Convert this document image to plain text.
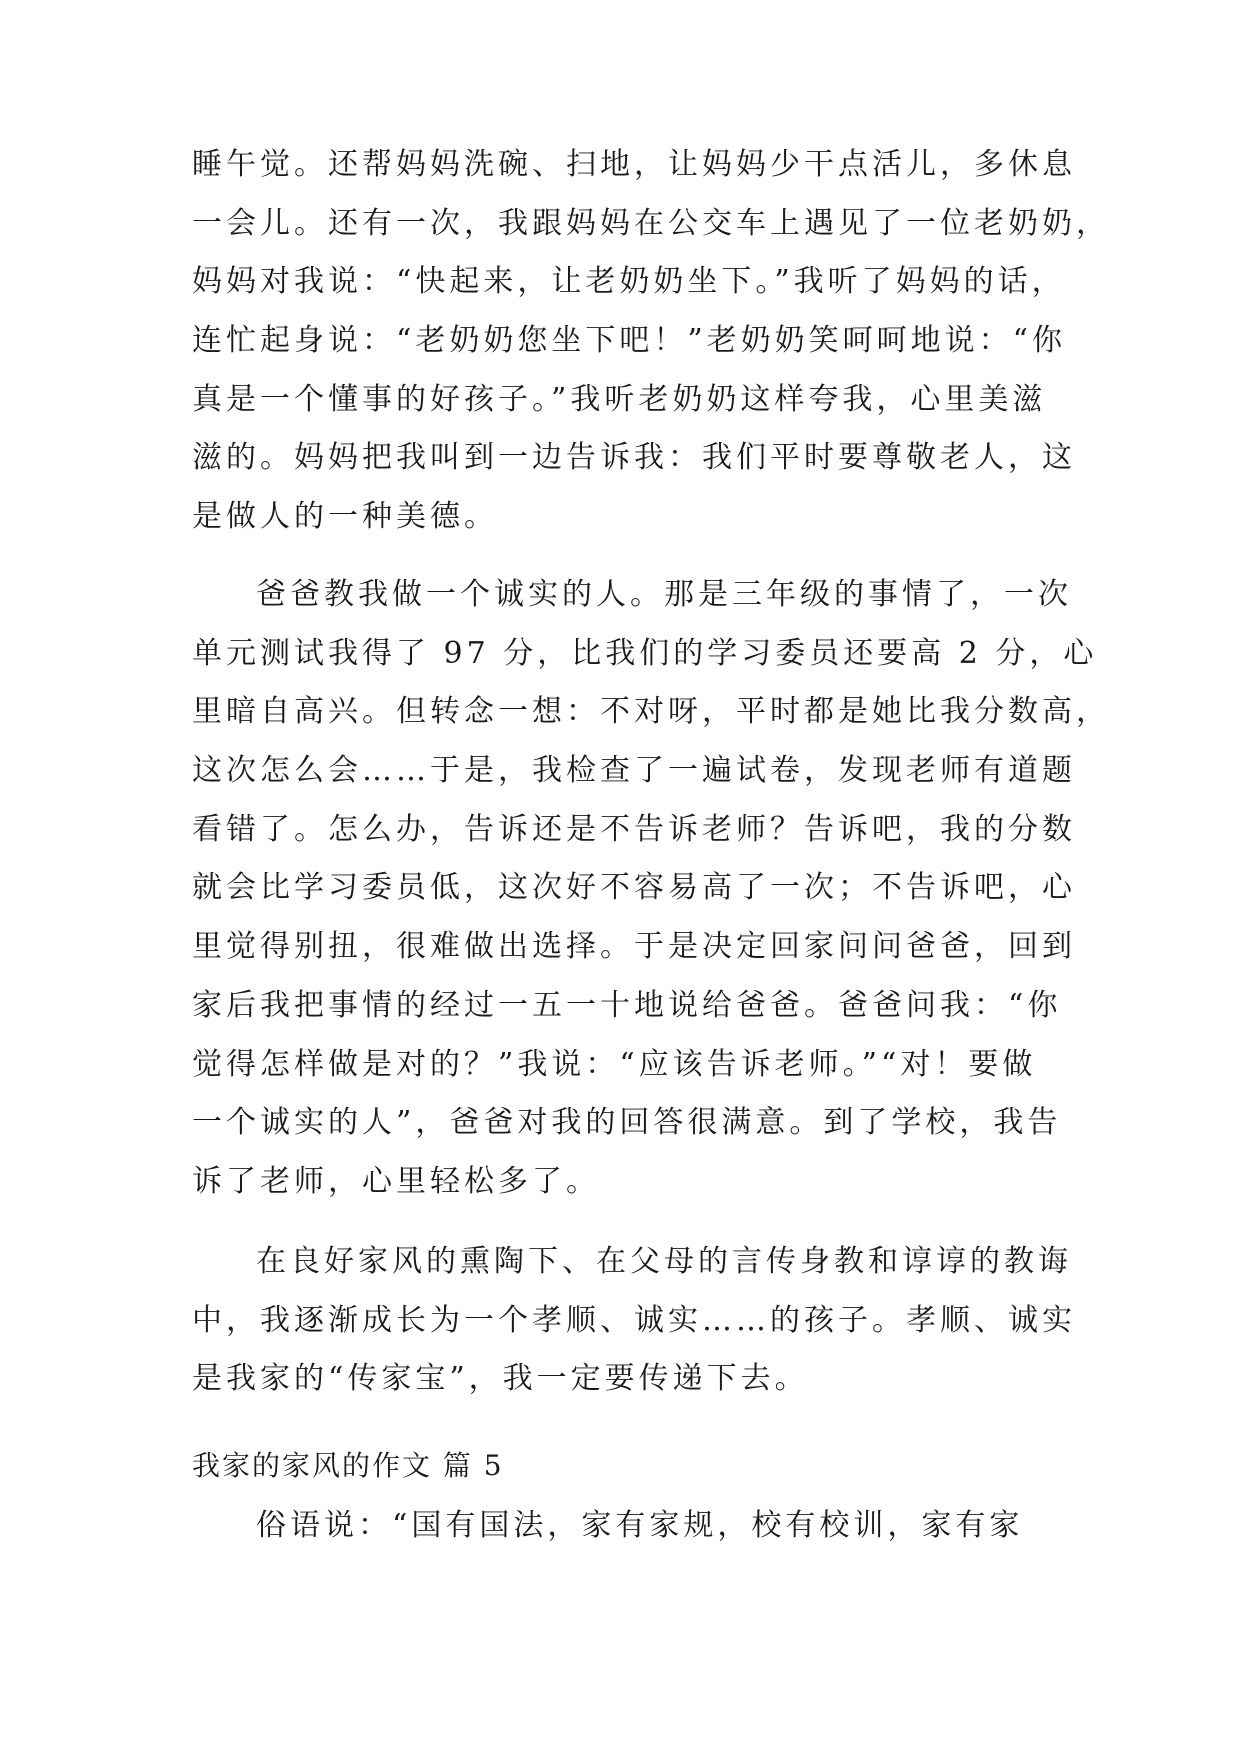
睡午觉。还帮妈妈洗碗、扫地，让妈妈少干点活儿，多休息
一会儿。还有一次，我跟妈妈在公交车上遇见了一位老奶奶，
妈妈对我说：“快起来，让老奶奶坐下。”我听了妈妈的话，
连忙起身说：“老奶奶您坐下吧！”老奶奶笑呵呵地说：“你
真是一个懂事的好孩子。”我听老奶奶这样夸我，心里美滋
滋的。妈妈把我叫到一边告诉我：我们平时要尊敬老人，这
是做人的一种美德。
爸爸教我做一个诚实的人。那是三年级的事情了，一次
单元测试我得了 97 分，比我们的学习委员还要高 2 分，心
里暗自高兴。但转念一想：不对呀，平时都是她比我分数高，
这次怎么会……于是，我检查了一遍试卷，发现老师有道题
看错了。怎么办，告诉还是不告诉老师？告诉吧，我的分数
就会比学习委员低，这次好不容易高了一次；不告诉吧，心
里觉得别扭，很难做出选择。于是决定回家问问爸爸，回到
家后我把事情的经过一五一十地说给爸爸。爸爸问我：“你
觉得怎样做是对的？”我说：“应该告诉老师。”“对！要做
一个诚实的人”，爸爸对我的回答很满意。到了学校，我告
诉了老师，心里轻松多了。
在良好家风的熏陶下、在父母的言传身教和谆谆的教诲
中，我逐渐成长为一个孝顺、诚实……的孩子。孝顺、诚实
是我家的“传家宝”，我一定要传递下去。
我家的家风的作文 篇 5
俗语说：“国有国法，家有家规，校有校训，家有家
